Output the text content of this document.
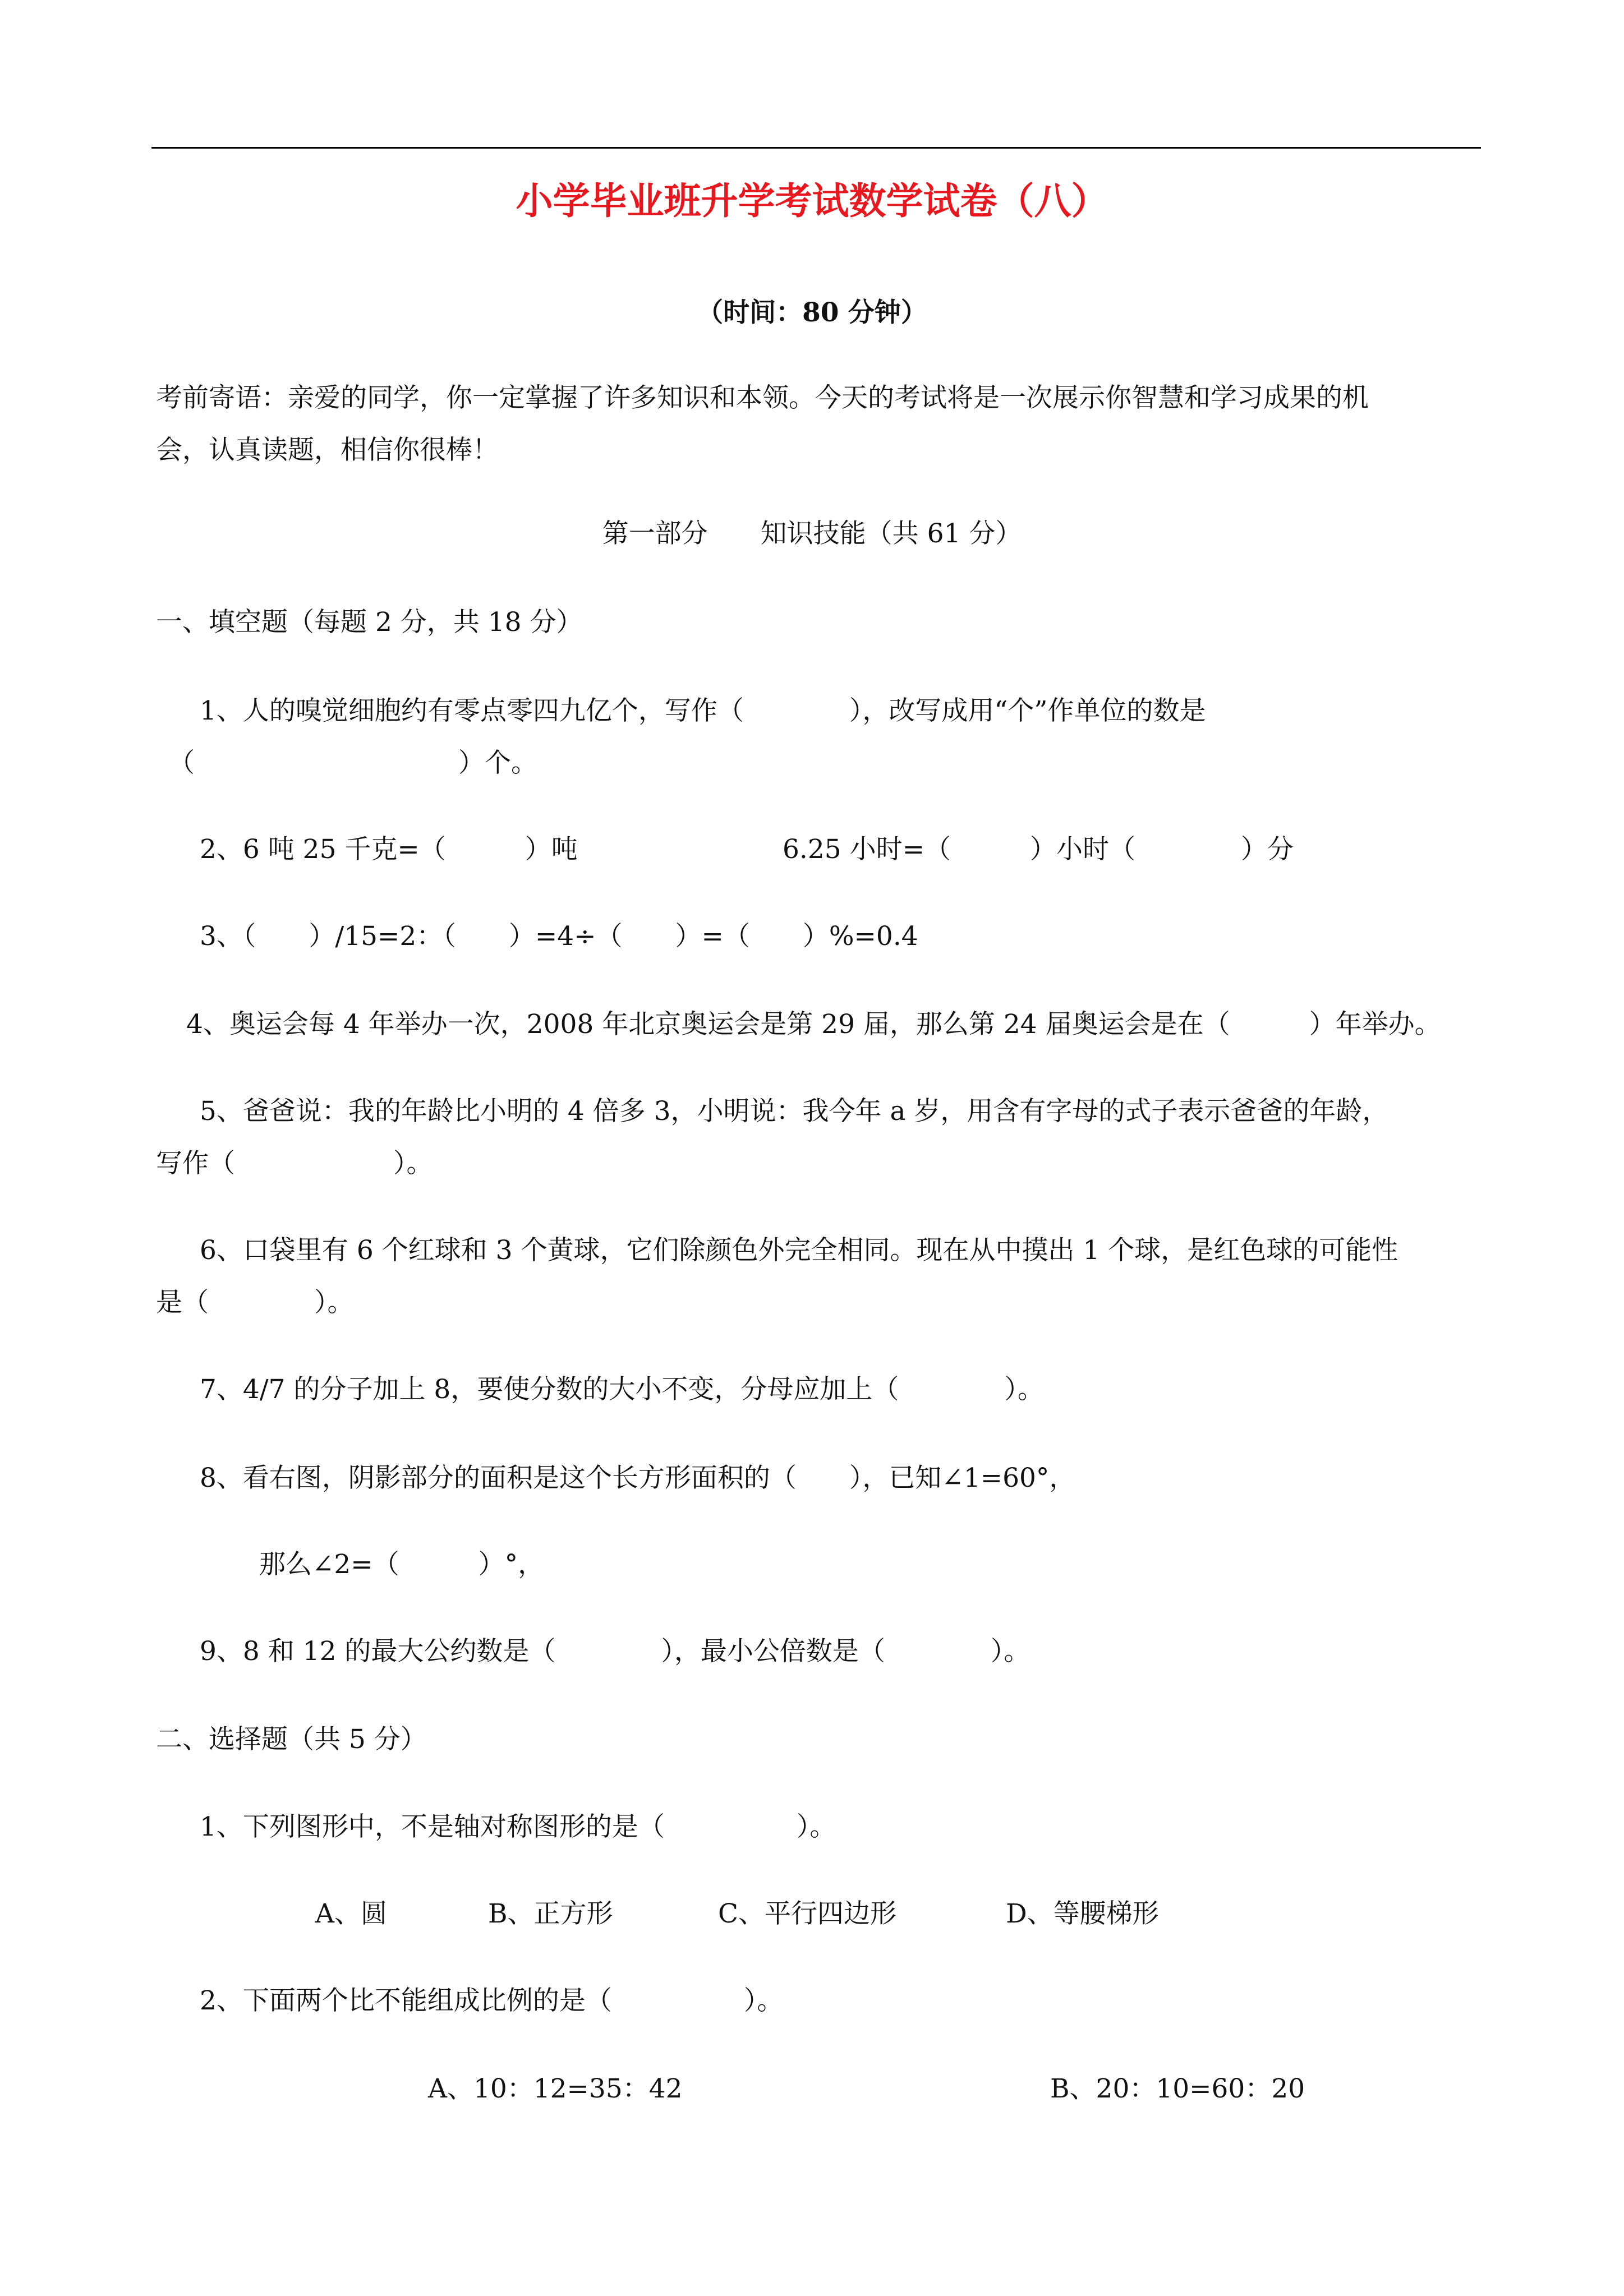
小学毕业班升学考试数学试卷（八）
（时间：80 分钟）
考前寄语：亲爱的同学，你一定掌握了许多知识和本领。今天的考试将是一次展示你智慧和学习成果的机
会，认真读题，相信你很棒！
第一部分　　知识技能（共 61 分）
一、填空题（每题 2 分，共 18 分）
1、人的嗅觉细胞约有零点零四九亿个，写作（　　　　），改写成用“个”作单位的数是
（　　　　　　　　　　）个。
2、6 吨 25 千克=（　　　）吨	6.25 小时=（　　　）小时（　　　　）分
3、（　　）/15=2：（　　）=4÷（　　）=（　　）%=0.4
4、奥运会每 4 年举办一次，2008 年北京奥运会是第 29 届，那么第 24 届奥运会是在（　　　）年举办。
5、爸爸说：我的年龄比小明的 4 倍多 3，小明说：我今年 a 岁，用含有字母的式子表示爸爸的年龄，
写作（　　　　　　）。
6、口袋里有 6 个红球和 3 个黄球，它们除颜色外完全相同。现在从中摸出 1 个球，是红色球的可能性
是（　　　　）。
7、4/7 的分子加上 8，要使分数的大小不变，分母应加上（　　　　）。
8、看右图，阴影部分的面积是这个长方形面积的（　　），已知∠1=60°，
那么∠2=（　　　）°，
9、8 和 12 的最大公约数是（　　　　），最小公倍数是（　　　　）。
二、选择题（共 5 分）
1、下列图形中，不是轴对称图形的是（　　　　　）。
A、圆	B、正方形	C、平行四边形	D、等腰梯形
2、下面两个比不能组成比例的是（　　　　　）。
A、10：12=35：42	B、20：10=60：20
